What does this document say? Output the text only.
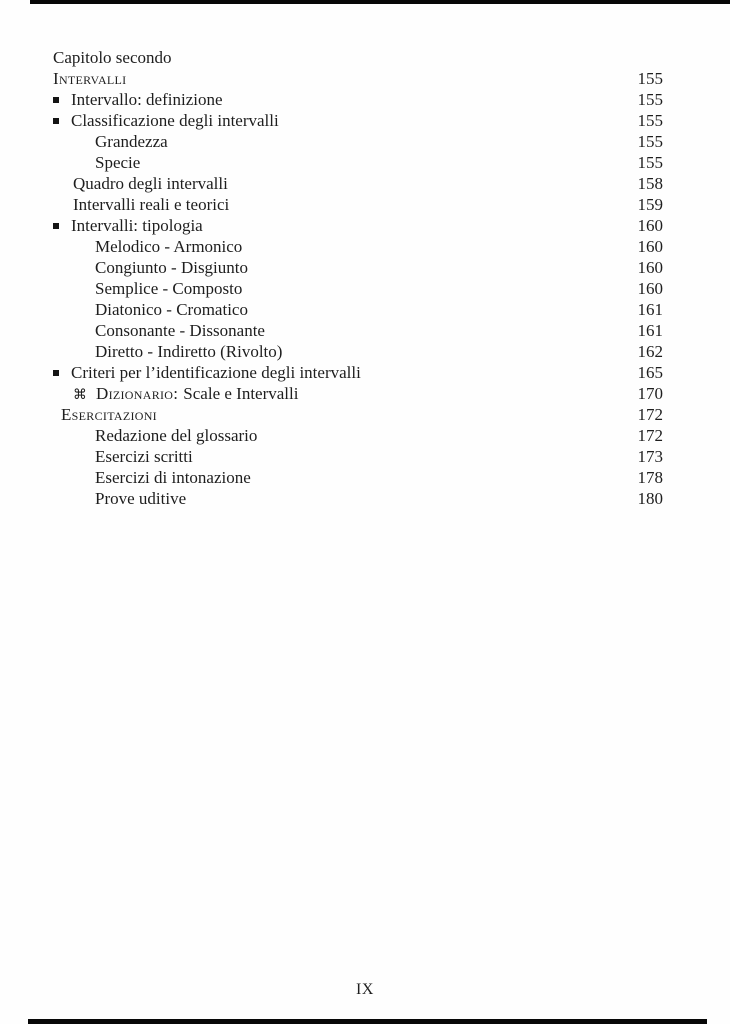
Capitolo secondo
Intervalli	155
Intervallo: definizione	155
Classificazione degli intervalli	155
Grandezza	155
Specie	155
Quadro degli intervalli	158
Intervalli reali e teorici	159
Intervalli: tipologia	160
Melodico - Armonico	160
Congiunto - Disgiunto	160
Semplice - Composto	160
Diatonico - Cromatico	161
Consonante - Dissonante	161
Diretto - Indiretto (Rivolto)	162
Criteri per l’identificazione degli intervalli	165
⌘ Dizionario: Scale e Intervalli	170
Esercitazioni	172
Redazione del glossario	172
Esercizi scritti	173
Esercizi di intonazione	178
Prove uditive	180
IX
